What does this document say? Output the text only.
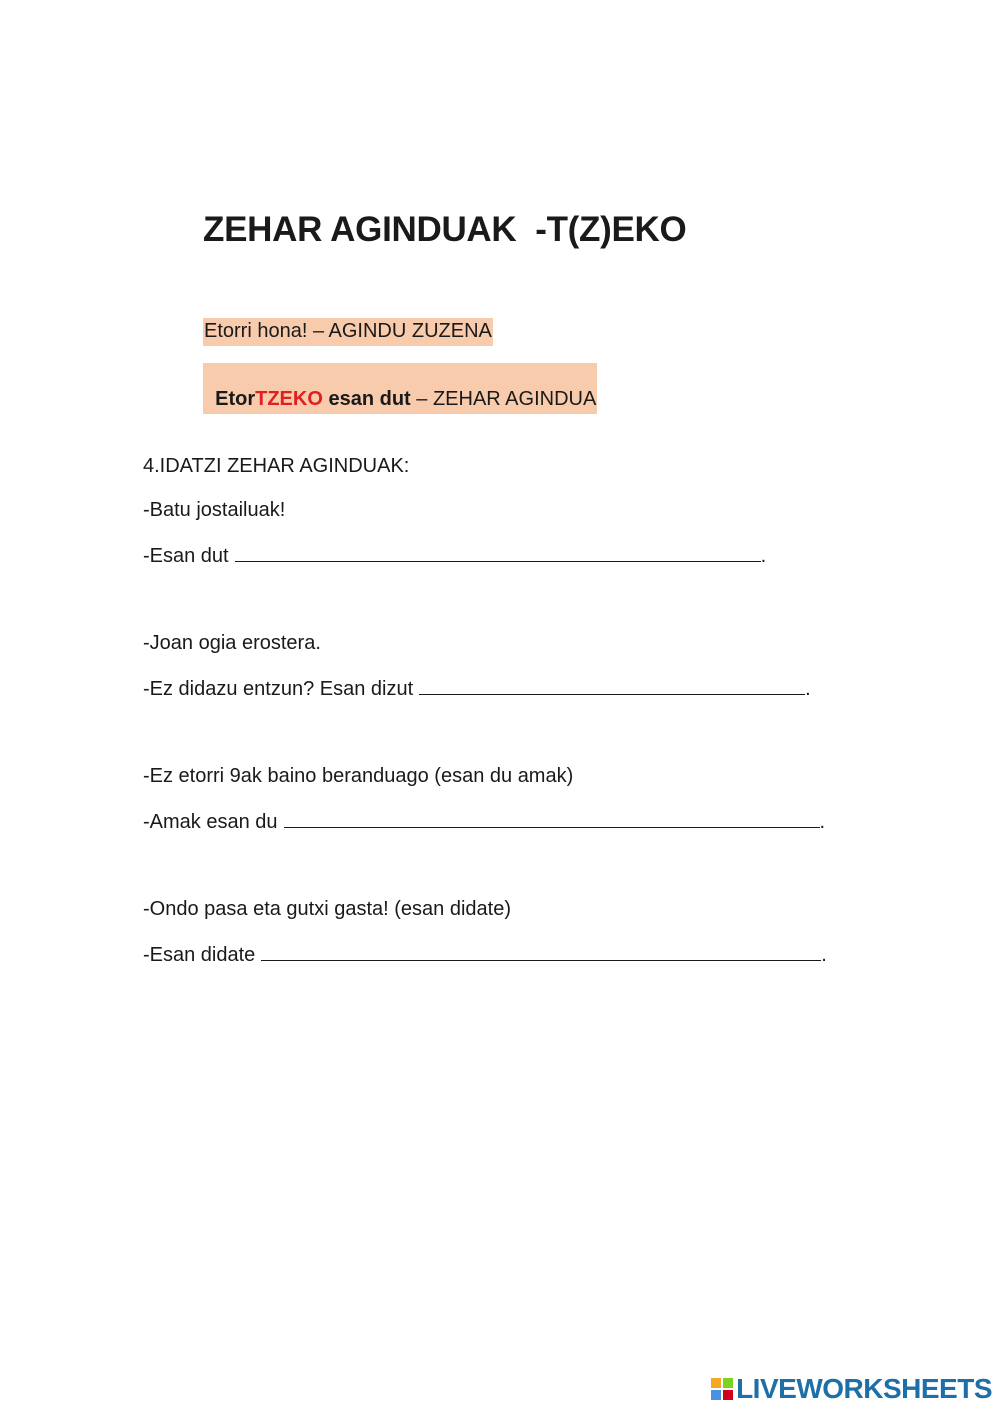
ZEHAR AGINDUAK  -T(Z)EKO
Etorri hona! – AGINDU ZUZENA

EtorTZEKO esan dut – ZEHAR AGINDUA

4.IDATZI ZEHAR AGINDUAK:
-Batu jostailuak!
-Esan dut	.
-Joan ogia erostera.
-Ez didazu entzun? Esan dizut	.
-Ez etorri 9ak baino beranduago (esan du amak)
-Amak esan du	.
-Ondo pasa eta gutxi gasta! (esan didate)
-Esan didate	.
LIVEWORKSHEETS
